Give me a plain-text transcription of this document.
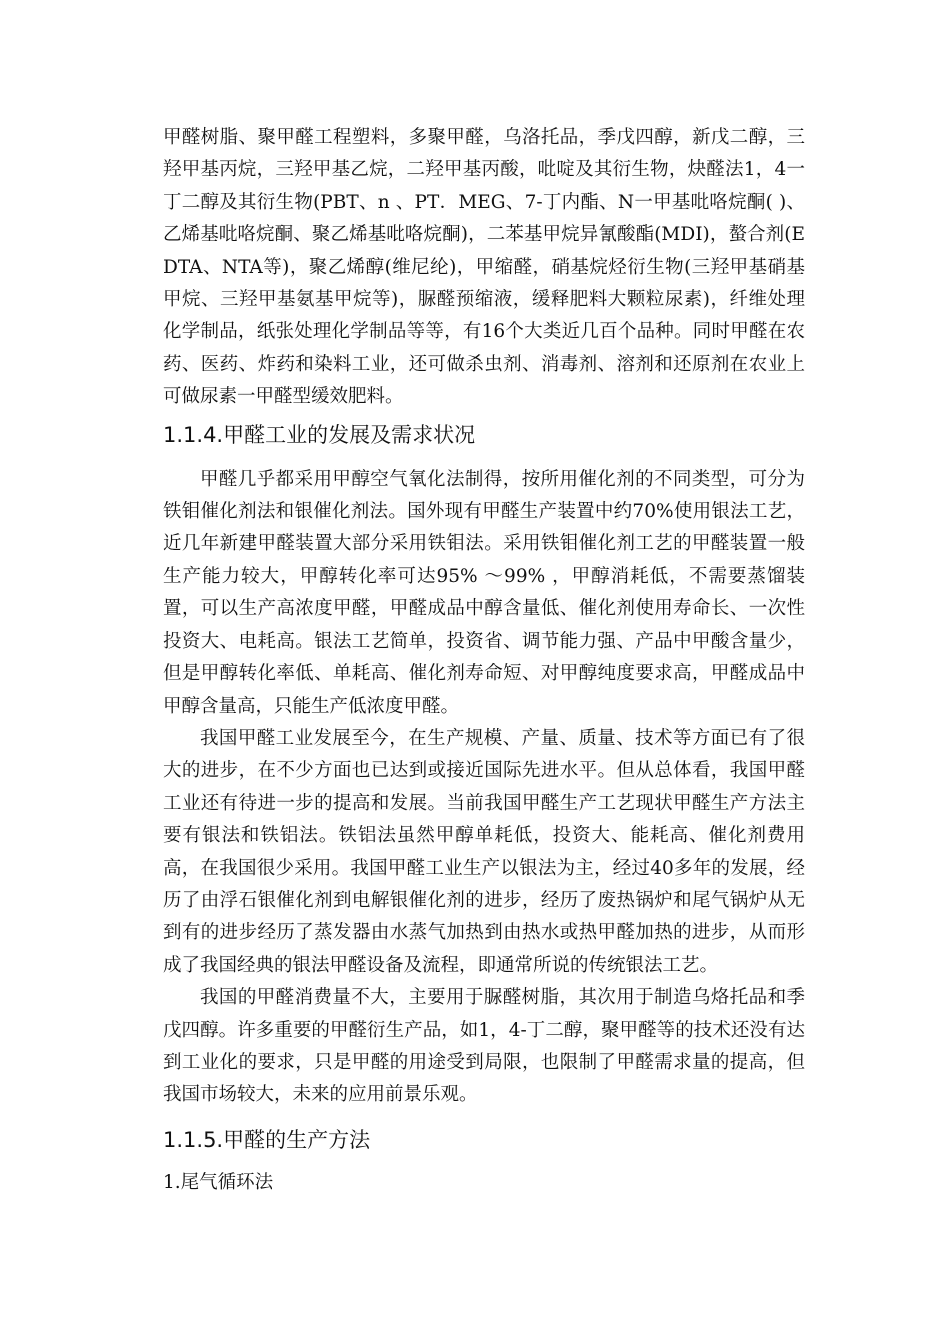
甲醛树脂、聚甲醛工程塑料，多聚甲醛，乌洛托品，季戊四醇，新戊二醇，三羟甲基丙烷，三羟甲基乙烷，二羟甲基丙酸，吡啶及其衍生物，炔醛法1，4一丁二醇及其衍生物(PBT、n 、PT．MEG、7-丁内酯、N一甲基吡咯烷酮( )、乙烯基吡咯烷酮、聚乙烯基吡咯烷酮)，二苯基甲烷异氰酸酯(MDI)，螯合剂(EDTA、NTA等)，聚乙烯醇(维尼纶)，甲缩醛，硝基烷烃衍生物(三羟甲基硝基甲烷、三羟甲基氨基甲烷等)，脲醛预缩液，缓释肥料大颗粒尿素)，纤维处理化学制品，纸张处理化学制品等等，有16个大类近几百个品种。同时甲醛在农药、医药、炸药和染料工业，还可做杀虫剂、消毒剂、溶剂和还原剂在农业上可做尿素一甲醛型缓效肥料。

1.1.4.甲醛工业的发展及需求状况

甲醛几乎都采用甲醇空气氧化法制得，按所用催化剂的不同类型，可分为铁钼催化剂法和银催化剂法。国外现有甲醛生产装置中约70%使用银法工艺，近几年新建甲醛装置大部分采用铁钼法。采用铁钼催化剂工艺的甲醛装置一般生产能力较大，甲醇转化率可达95% ～99% ，甲醇消耗低，不需要蒸馏装置，可以生产高浓度甲醛，甲醛成品中醇含量低、催化剂使用寿命长、一次性投资大、电耗高。银法工艺简单，投资省、调节能力强、产品中甲酸含量少，但是甲醇转化率低、单耗高、催化剂寿命短、对甲醇纯度要求高，甲醛成品中甲醇含量高，只能生产低浓度甲醛。

我国甲醛工业发展至今，在生产规模、产量、质量、技术等方面已有了很大的进步，在不少方面也已达到或接近国际先进水平。但从总体看，我国甲醛工业还有待进一步的提高和发展。当前我国甲醛生产工艺现状甲醛生产方法主要有银法和铁铝法。铁铝法虽然甲醇单耗低，投资大、能耗高、催化剂费用高，在我国很少采用。我国甲醛工业生产以银法为主，经过40多年的发展，经历了由浮石银催化剂到电解银催化剂的进步，经历了废热锅炉和尾气锅炉从无到有的进步经历了蒸发器由水蒸气加热到由热水或热甲醛加热的进步，从而形成了我国经典的银法甲醛设备及流程，即通常所说的传统银法工艺。

我国的甲醛消费量不大，主要用于脲醛树脂，其次用于制造乌烙托品和季戊四醇。许多重要的甲醛衍生产品，如1，4-丁二醇，聚甲醛等的技术还没有达到工业化的要求，只是甲醛的用途受到局限，也限制了甲醛需求量的提高，但我国市场较大，未来的应用前景乐观。

1.1.5.甲醛的生产方法

1.尾气循环法
